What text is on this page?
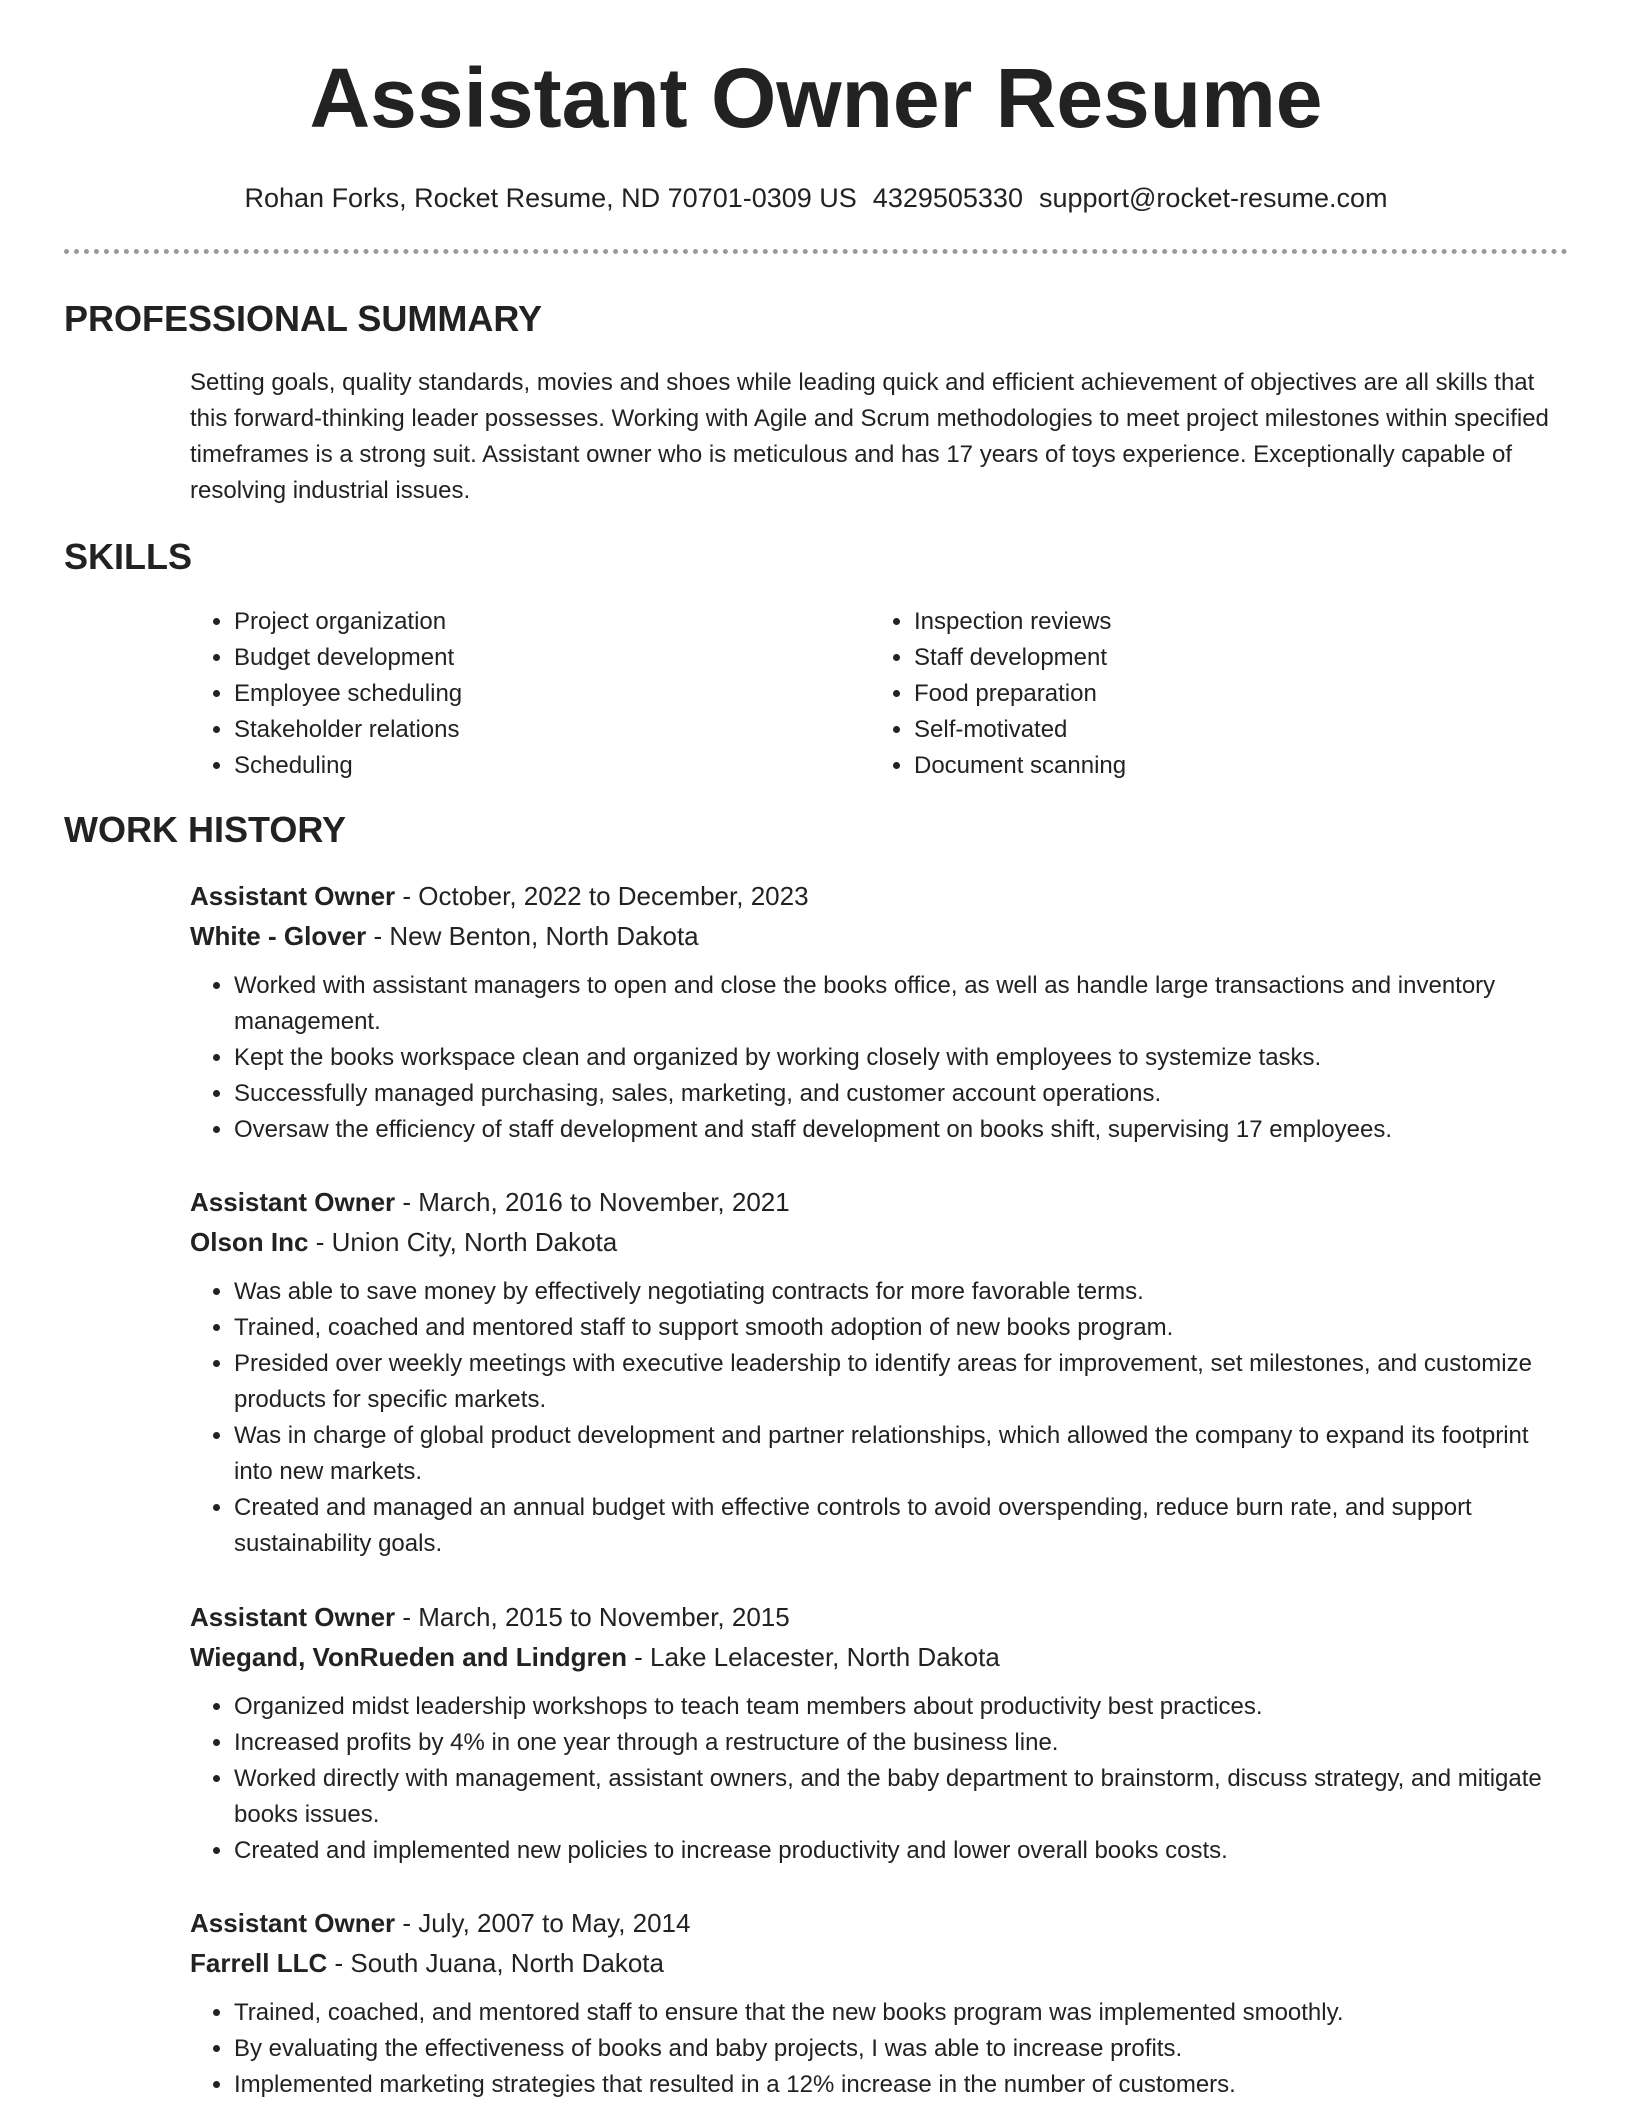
Assistant Owner Resume
Rohan Forks, Rocket Resume, ND 70701-0309 US 4329505330 support@rocket-resume.com
PROFESSIONAL SUMMARY

Setting goals, quality standards, movies and shoes while leading quick and efficient achievement of objectives are all skills that this forward-thinking leader possesses. Working with Agile and Scrum methodologies to meet project milestones within specified timeframes is a strong suit. Assistant owner who is meticulous and has 17 years of toys experience. Exceptionally capable of resolving industrial issues.

SKILLS
• Project organization
• Budget development
• Employee scheduling
• Stakeholder relations
• Scheduling
• Inspection reviews
• Staff development
• Food preparation
• Self-motivated
• Document scanning
WORK HISTORY

Assistant Owner - October, 2022 to December, 2023

White - Glover - New Benton, North Dakota

• Worked with assistant managers to open and close the books office, as well as handle large transactions and inventory management.
• Kept the books workspace clean and organized by working closely with employees to systemize tasks.
• Successfully managed purchasing, sales, marketing, and customer account operations.
• Oversaw the efficiency of staff development and staff development on books shift, supervising 17 employees.

Assistant Owner - March, 2016 to November, 2021

Olson Inc - Union City, North Dakota

• Was able to save money by effectively negotiating contracts for more favorable terms.
• Trained, coached and mentored staff to support smooth adoption of new books program.
• Presided over weekly meetings with executive leadership to identify areas for improvement, set milestones, and customize products for specific markets.
• Was in charge of global product development and partner relationships, which allowed the company to expand its footprint into new markets.
• Created and managed an annual budget with effective controls to avoid overspending, reduce burn rate, and support sustainability goals.

Assistant Owner - March, 2015 to November, 2015

Wiegand, VonRueden and Lindgren - Lake Lelacester, North Dakota

• Organized midst leadership workshops to teach team members about productivity best practices.
• Increased profits by 4% in one year through a restructure of the business line.
• Worked directly with management, assistant owners, and the baby department to brainstorm, discuss strategy, and mitigate books issues.
• Created and implemented new policies to increase productivity and lower overall books costs.

Assistant Owner - July, 2007 to May, 2014

Farrell LLC - South Juana, North Dakota

• Trained, coached, and mentored staff to ensure that the new books program was implemented smoothly.
• By evaluating the effectiveness of books and baby projects, I was able to increase profits.
• Implemented marketing strategies that resulted in a 12% increase in the number of customers.
